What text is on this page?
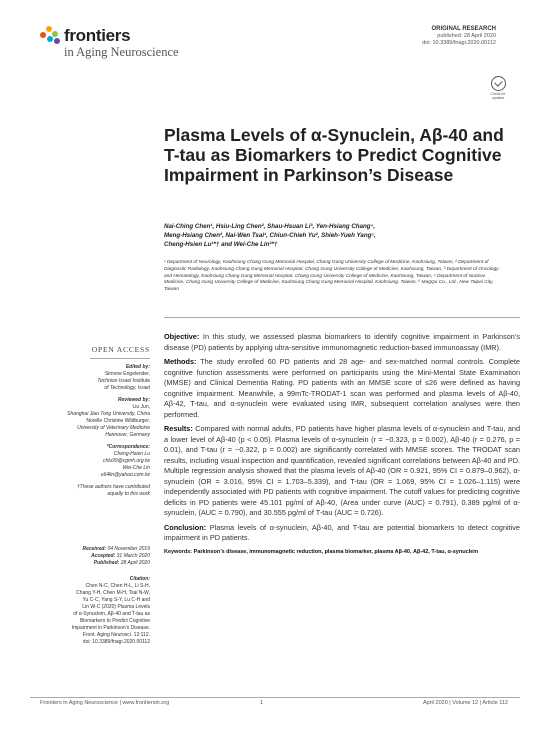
frontiers
in Aging Neuroscience
ORIGINAL RESEARCH
published: 28 April 2020
doi: 10.3389/fnagi.2020.00112
Check for updates
Plasma Levels of α-Synuclein, Aβ-40 and T-tau as Biomarkers to Predict Cognitive Impairment in Parkinson’s Disease
Nai-Ching Chen¹, Hsiu-Ling Chen², Shau-Hsuan Li³, Yen-Hsiang Chang⁴,
Meng-Hsiang Chen², Nai-Wen Tsai¹, Chiun-Chieh Yu², Shieh-Yueh Yang⁵,
Cheng-Hsien Lu¹*† and Wei-Che Lin²*†
¹ Department of Neurology, Kaohsiung Chang Gung Memorial Hospital, Chang Gung University College of Medicine, Kaohsiung, Taiwan, ² Department of Diagnostic Radiology, Kaohsiung Chang Gung Memorial Hospital, Chang Gung University College of Medicine, Kaohsiung, Taiwan, ³ Department of Oncology and Hematology, Kaohsiung Chang Gung Memorial Hospital, Chang Gung University College of Medicine, Kaohsiung, Taiwan, ⁴ Department of Nuclear Medicine, Chang Gung University College of Medicine, Kaohsiung Chang Gung Memorial Hospital, Kaohsiung, Taiwan, ⁵ MagQu Co., Ltd., New Taipei City, Taiwan
OPEN ACCESS
Edited by:
Simone Engelender,
Technion Israel Institute
of Technology, Israel
Reviewed by:
Liu Jun,
Shanghai Jiao Tong University, China
Norelle Christine Wildburger,
University of Veterinary Medicine
Hannover, Germany
*Correspondence:
Cheng-Hsien Lu
chlu99@cgmh.org.tw
Wei-Che Lin
u64lin@yahoo.com.tw
†These authors have contributed
equally to this work
Received: 04 November 2019
Accepted: 31 March 2020
Published: 28 April 2020
Citation:
Chen N-C, Chen H-L, Li S-H,
Chang Y-H, Chen M-H, Tsai N-W,
Yu C-C, Yang S-Y, Lu C-H and
Lin W-C (2020) Plasma Levels
of α-Synuclein, Aβ-40 and T-tau as
Biomarkers to Predict Cognitive
Impairment in Parkinson’s Disease.
Front. Aging Neurosci. 12:112.
doi: 10.3389/fnagi.2020.00112

Objective: In this study, we assessed plasma biomarkers to identify cognitive impairment in Parkinson’s disease (PD) patients by applying ultra-sensitive immunomagnetic reduction-based immunoassay (IMR).

Methods: The study enrolled 60 PD patients and 28 age- and sex-matched normal controls. Complete cognitive function assessments were performed on participants using the Mini-Mental State Examination (MMSE) and Clinical Dementia Rating. PD patients with an MMSE score of ≤26 were defined as having cognitive impairment. Meanwhile, a 99mTc-TRODAT-1 scan was performed and plasma levels of Aβ-40, Aβ-42, T-tau, and α-synuclein were evaluated using IMR, subsequent correlation analyses were then performed.

Results: Compared with normal adults, PD patients have higher plasma levels of α-synuclein and T-tau, and a lower level of Aβ-40 (p < 0.05). Plasma levels of α-synuclein (r = −0.323, p = 0.002), Aβ-40 (r = 0.276, p = 0.01), and T-tau (r = −0.322, p = 0.002) are significantly correlated with MMSE scores. The TRODAT scan results, including visual inspection and quantification, revealed significant correlations between Aβ-40 and PD. Multiple regression analysis showed that the plasma levels of Aβ-40 (OR = 0.921, 95% CI = 0.879–0.962), α-synuclein (OR = 3.016, 95% CI = 1.703–5.339), and T-tau (OR = 1.069, 95% CI = 1.026–1.115) were independently associated with PD patients with cognitive impairment. The cutoff values for predicting cognitive deficits in PD patients were 45.101 pg/ml of Aβ-40, (Area under curve (AUC) = 0.791), 0.389 pg/ml of α-synuclein, (AUC = 0.790), and 30.555 pg/ml of T-tau (AUC = 0.726).

Conclusion: Plasma levels of α-synuclein, Aβ-40, and T-tau are potential biomarkers to detect cognitive impairment in PD patients.

Keywords: Parkinson’s disease, immunomagnetic reduction, plasma biomarker, plasma Aβ-40, Aβ-42, T-tau, α-synuclein
Frontiers in Aging Neuroscience | www.frontiersin.org	1	April 2020 | Volume 12 | Article 112
